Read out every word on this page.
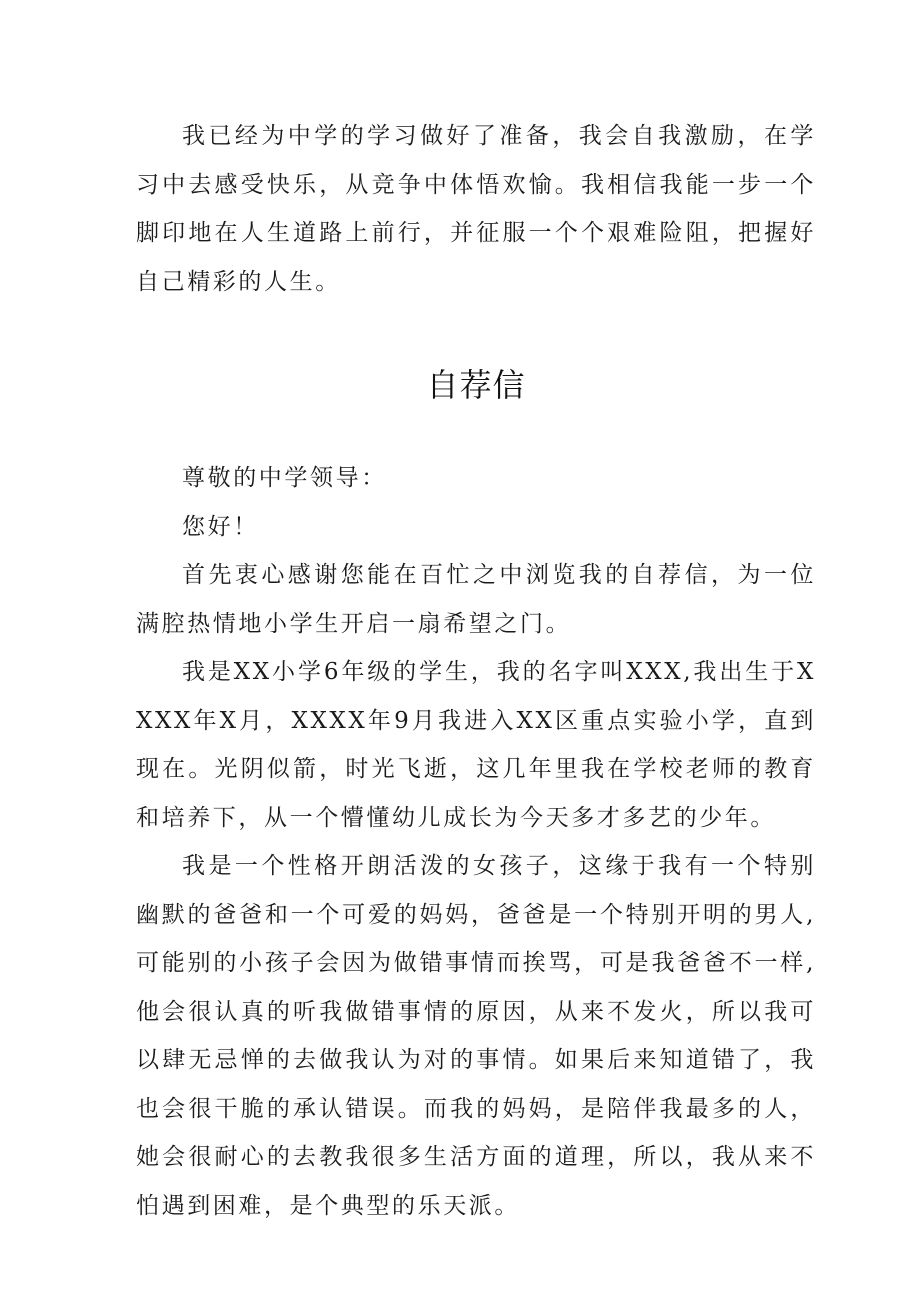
我已经为中学的学习做好了准备，我会自我激励，在学习中去感受快乐，从竞争中体悟欢愉。我相信我能一步一个脚印地在人生道路上前行，并征服一个个艰难险阻，把握好自己精彩的人生。

自荐信

尊敬的中学领导：

您好！

首先衷心感谢您能在百忙之中浏览我的自荐信，为一位满腔热情地小学生开启一扇希望之门。

我是XX小学6年级的学生，我的名字叫XXX,我出生于XXXX年X月，XXXX年9月我进入XX区重点实验小学，直到现在。光阴似箭，时光飞逝，这几年里我在学校老师的教育和培养下，从一个懵懂幼儿成长为今天多才多艺的少年。

我是一个性格开朗活泼的女孩子，这缘于我有一个特别幽默的爸爸和一个可爱的妈妈，爸爸是一个特别开明的男人,可能别的小孩子会因为做错事情而挨骂，可是我爸爸不一样,他会很认真的听我做错事情的原因，从来不发火，所以我可以肆无忌惮的去做我认为对的事情。如果后来知道错了，我也会很干脆的承认错误。而我的妈妈，是陪伴我最多的人，她会很耐心的去教我很多生活方面的道理，所以，我从来不怕遇到困难，是个典型的乐天派。
